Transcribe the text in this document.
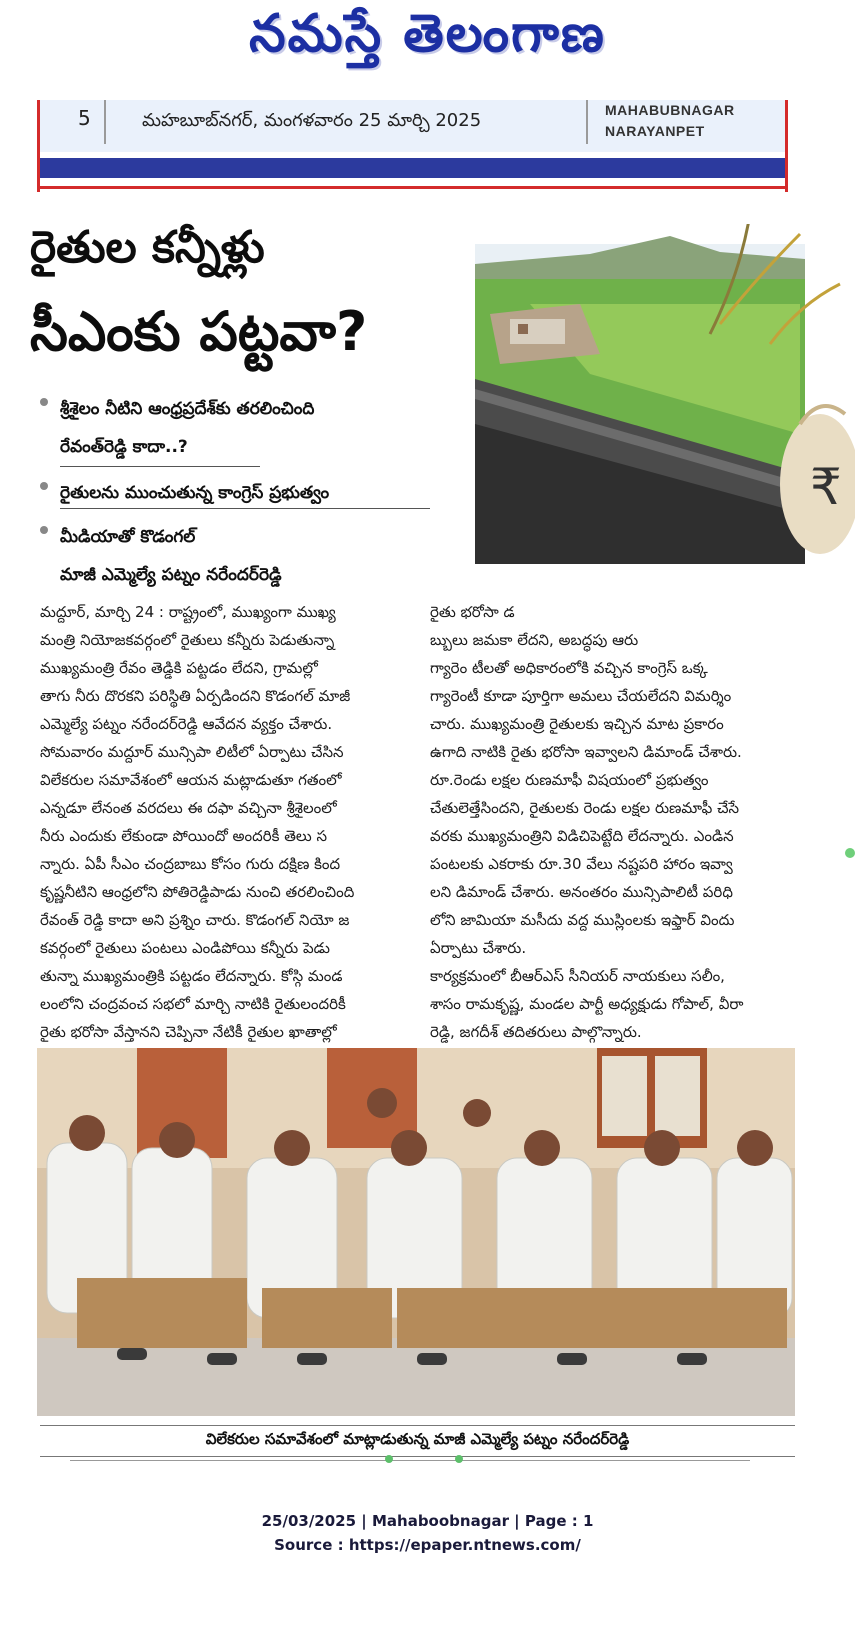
నమస్తే తెలంగాణ
5	మహబూబ్‌నగర్, మంగళవారం 25 మార్చి 2025	MAHABUBNAGAR
NARAYANPET
రైతుల కన్నీళ్లు
సీఎంకు పట్టవా?
₹
శ్రీశైలం నీటిని ఆంధ్రప్రదేశ్‌కు తరలించింది
రేవంత్‌రెడ్డి కాదా..?
రైతులను ముంచుతున్న కాంగ్రెస్ ప్రభుత్వం
మీడియాతో కొడంగల్
మాజీ ఎమ్మెల్యే పట్నం నరేందర్‌రెడ్డి

మద్దూర్, మార్చి 24 : రాష్ట్రంలో, ముఖ్యంగా ముఖ్య

మంత్రి నియోజకవర్గంలో రైతులు కన్నీరు పెడుతున్నా

ముఖ్యమంత్రి రేవం తెడ్డికి పట్టడం లేదని, గ్రామల్లో

తాగు నీరు దొరకని పరిస్థితి ఏర్పడిందని కొడంగల్ మాజీ

ఎమ్మెల్యే పట్నం నరేందర్‌రెడ్డి ఆవేదన వ్యక్తం చేశారు.

సోమవారం మద్దూర్ మున్సిపా లిటీలో ఏర్పాటు చేసిన

విలేకరుల సమావేశంలో ఆయన మట్లాడుతూ గతంలో

ఎన్నడూ లేనంత వరదలు ఈ దఫా వచ్చినా శ్రీశైలంలో

నీరు ఎందుకు లేకుండా పోయిందో అందరికీ తెలు స

న్నారు. ఏపీ సీఎం చంద్రబాబు కోసం గురు దక్షిణ కింద

కృష్ణనీటిని ఆంధ్రలోని పోతిరెడ్డిపాడు నుంచి తరలించింది

రేవంత్ రెడ్డి కాదా అని ప్రశ్నిం చారు. కొడంగల్ నియో జ

కవర్గంలో రైతులు పంటలు ఎండిపోయి కన్నీరు పెడు

తున్నా ముఖ్యమంత్రికి పట్టడం లేదన్నారు. కోస్గి మండ

లంలోని చంద్రవంచ సభలో మార్చి నాటికి రైతులందరికీ

రైతు భరోసా వేస్తానని చెప్పినా నేటికీ రైతుల ఖాతాల్లో

రైతు భరోసా డ

బ్బులు జమకా లేదని, అబద్ధపు ఆరు

గ్యారెం టీలతో అధికారంలోకి వచ్చిన కాంగ్రెస్ ఒక్క

గ్యారెంటీ కూడా పూర్తిగా అమలు చేయలేదని విమర్శిం

చారు. ముఖ్యమంత్రి రైతులకు ఇచ్చిన మాట ప్రకారం

ఉగాది నాటికి రైతు భరోసా ఇవ్వాలని డిమాండ్ చేశారు.

రూ.రెండు లక్షల రుణమాఫీ విషయంలో ప్రభుత్వం

చేతులెత్తేసిందని, రైతులకు రెండు లక్షల రుణమాఫీ చేసే

వరకు ముఖ్యమంత్రిని విడిచిపెట్టేది లేదన్నారు. ఎండిన

పంటలకు ఎకరాకు రూ.30 వేలు నష్టపరి హారం ఇవ్వా

లని డిమాండ్ చేశారు. అనంతరం మున్సిపాలిటీ పరిధి

లోని జామియా మసీదు వద్ద ముస్లింలకు ఇఫ్తార్ విందు

ఏర్పాటు చేశారు.

కార్యక్రమంలో బీఆర్ఎస్ సీనియర్ నాయకులు సలీం,

శాసం రామకృష్ణ, మండల పార్టీ అధ్యక్షుడు గోపాల్, వీరా

రెడ్డి, జగదీశ్ తదితరులు పాల్గొన్నారు.

విలేకరుల సమావేశంలో మాట్లాడుతున్న మాజీ ఎమ్మెల్యే పట్నం నరేందర్‌రెడ్డి
25/03/2025 | Mahaboobnagar | Page : 1
Source : https://epaper.ntnews.com/
